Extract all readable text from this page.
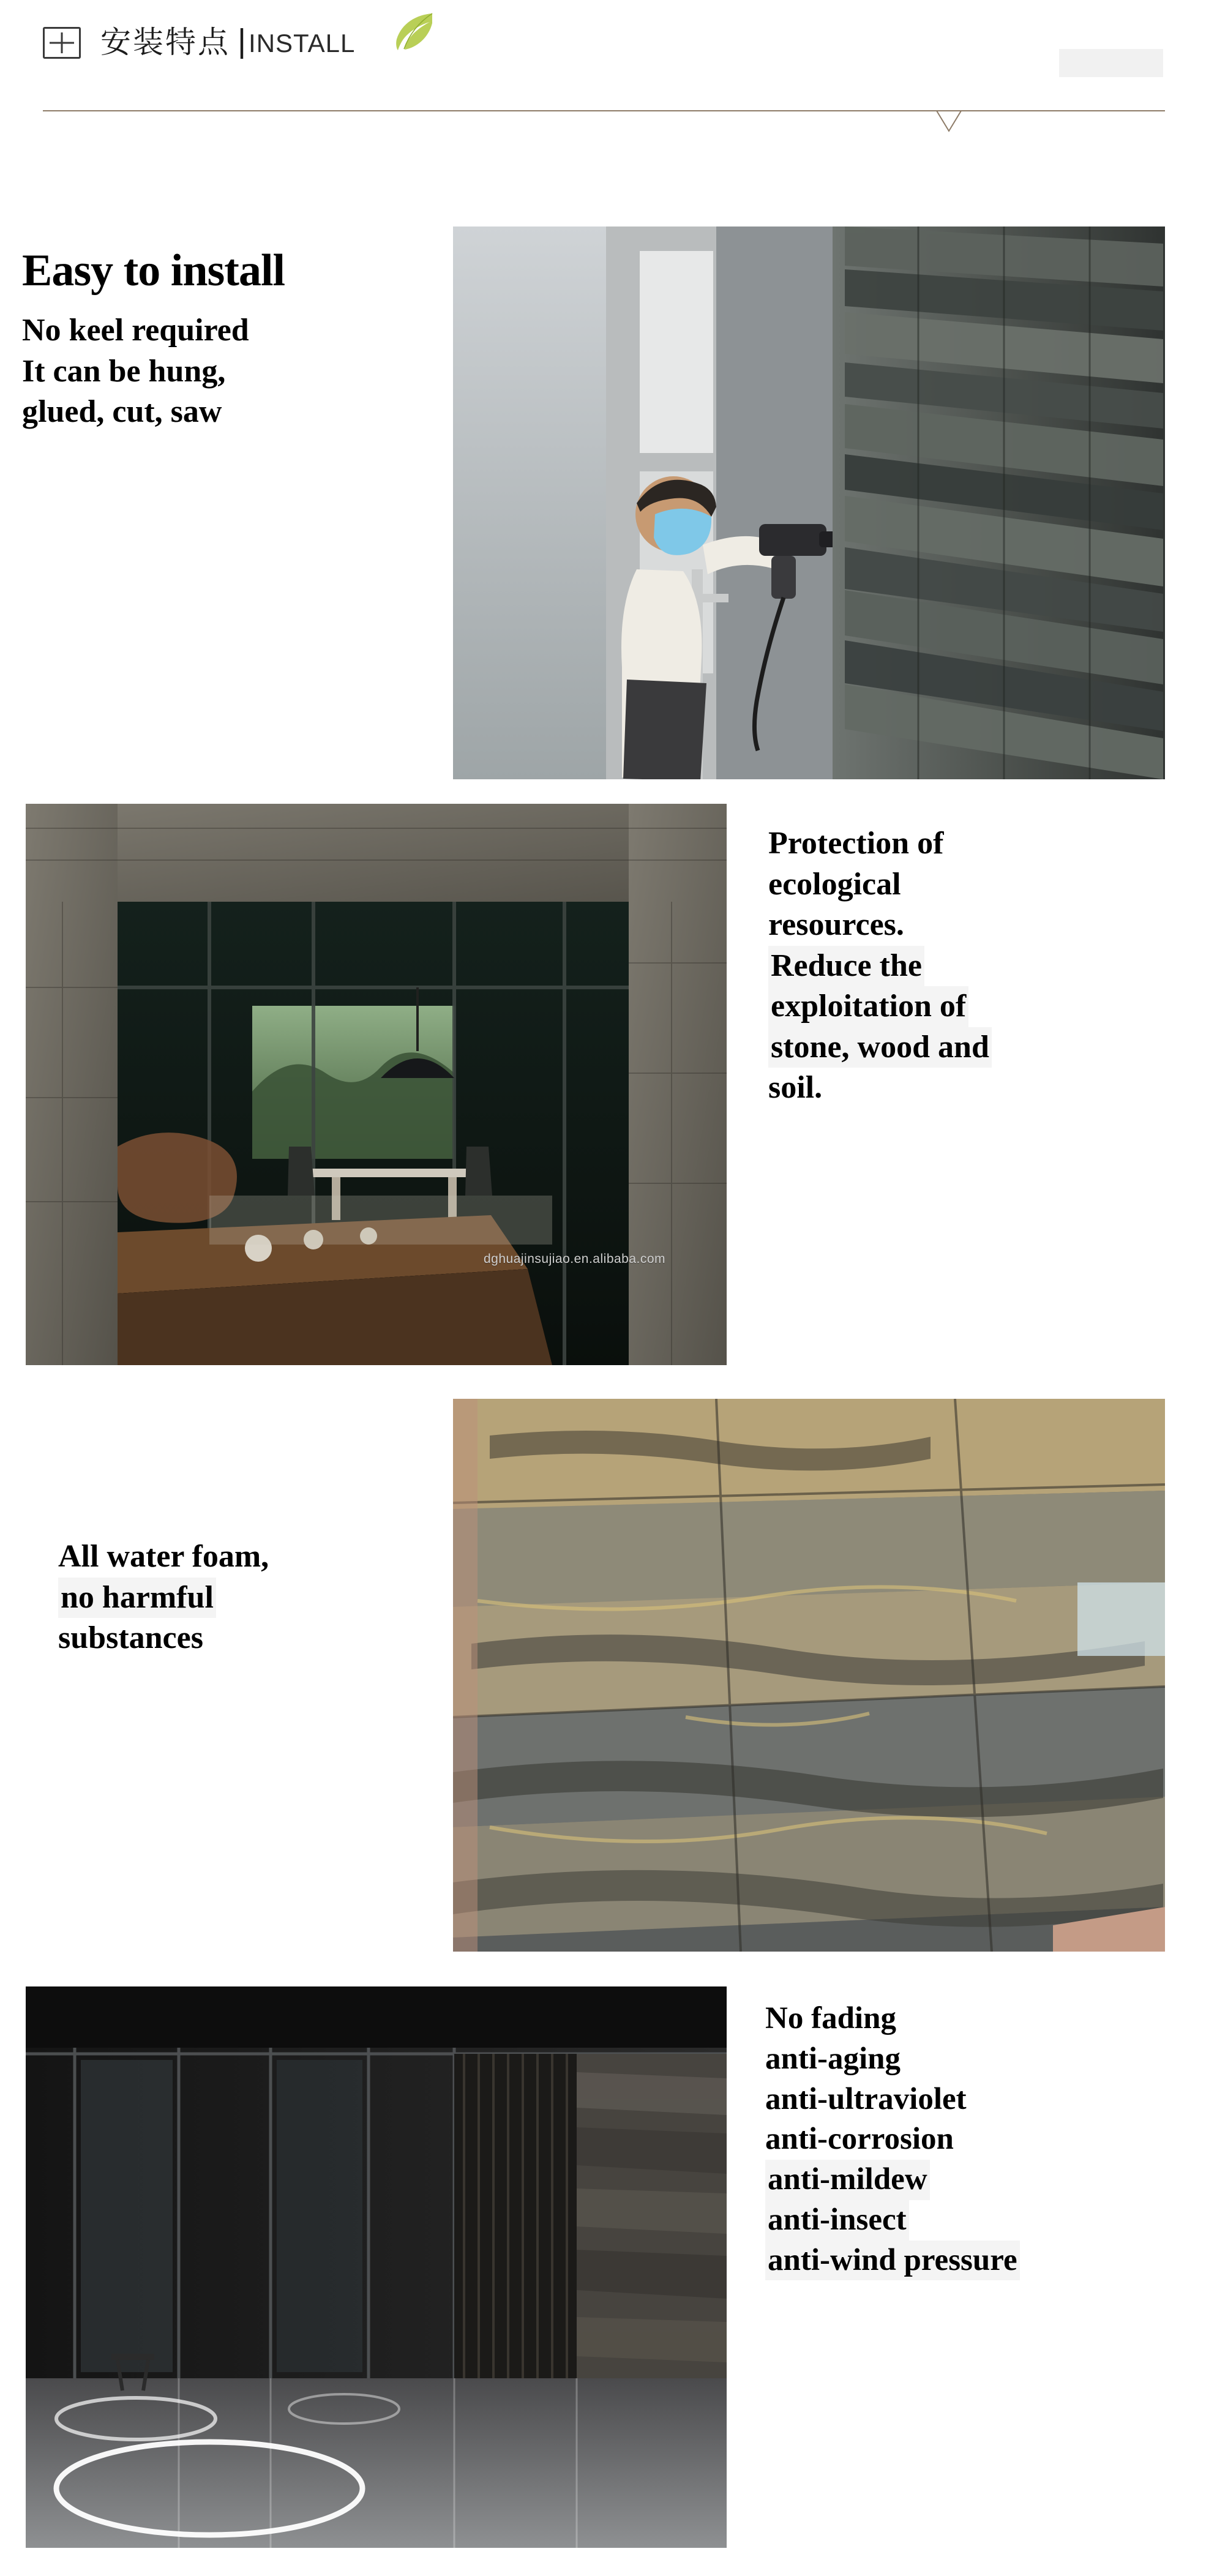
安装特点 | INSTALL
Easy to install

No keel required

It can be hung,

glued, cut, saw

dghuajinsujiao.en.alibaba.com

Protection of

ecological

resources.

Reduce the

exploitation of

stone, wood and

soil.

All water foam,

no harmful

substances

No fading

anti-aging

anti-ultraviolet

anti-corrosion

anti-mildew

anti-insect

anti-wind pressure
